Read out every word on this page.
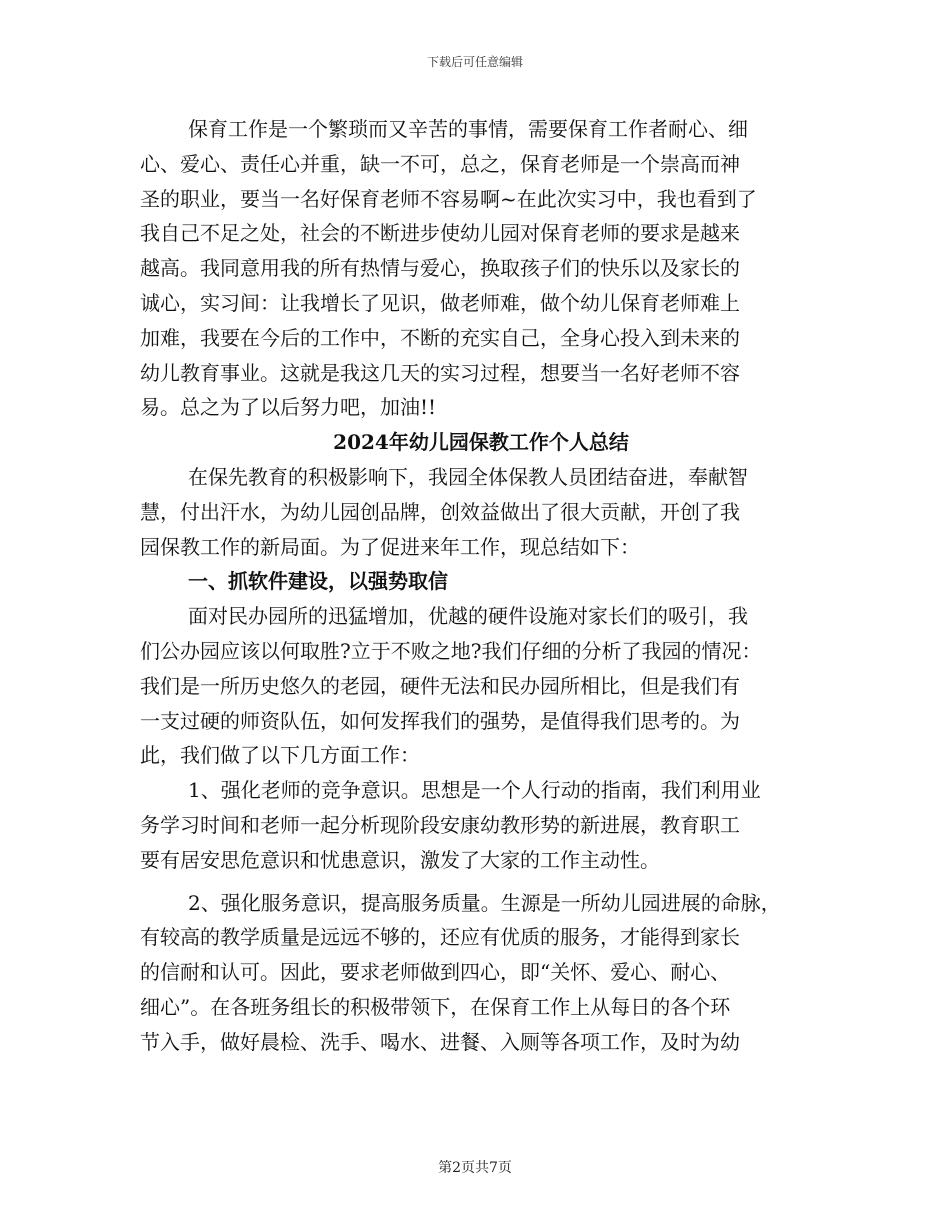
下载后可任意编辑
保育工作是一个繁琐而又辛苦的事情，需要保育工作者耐心、细
心、爱心、责任心并重，缺一不可，总之，保育老师是一个崇高而神
圣的职业，要当一名好保育老师不容易啊~在此次实习中，我也看到了
我自己不足之处，社会的不断进步使幼儿园对保育老师的要求是越来
越高。我同意用我的所有热情与爱心，换取孩子们的快乐以及家长的
诚心，实习间：让我增长了见识，做老师难，做个幼儿保育老师难上
加难，我要在今后的工作中，不断的充实自己，全身心投入到未来的
幼儿教育事业。这就是我这几天的实习过程，想要当一名好老师不容
易。总之为了以后努力吧，加油!!
2024年幼儿园保教工作个人总结
在保先教育的积极影响下，我园全体保教人员团结奋进，奉献智
慧，付出汗水，为幼儿园创品牌，创效益做出了很大贡献，开创了我
园保教工作的新局面。为了促进来年工作，现总结如下：
一、抓软件建设，以强势取信
面对民办园所的迅猛增加，优越的硬件设施对家长们的吸引，我
们公办园应该以何取胜?立于不败之地?我们仔细的分析了我园的情况：
我们是一所历史悠久的老园，硬件无法和民办园所相比，但是我们有
一支过硬的师资队伍，如何发挥我们的强势，是值得我们思考的。为
此，我们做了以下几方面工作：
1、强化老师的竞争意识。思想是一个人行动的指南，我们利用业
务学习时间和老师一起分析现阶段安康幼教形势的新进展，教育职工
要有居安思危意识和忧患意识，激发了大家的工作主动性。
2、强化服务意识，提高服务质量。生源是一所幼儿园进展的命脉，
有较高的教学质量是远远不够的，还应有优质的服务，才能得到家长
的信耐和认可。因此，要求老师做到四心，即“关怀、爱心、耐心、
细心”。在各班务组长的积极带领下，在保育工作上从每日的各个环
节入手，做好晨检、洗手、喝水、进餐、入厕等各项工作，及时为幼
第2页共7页
